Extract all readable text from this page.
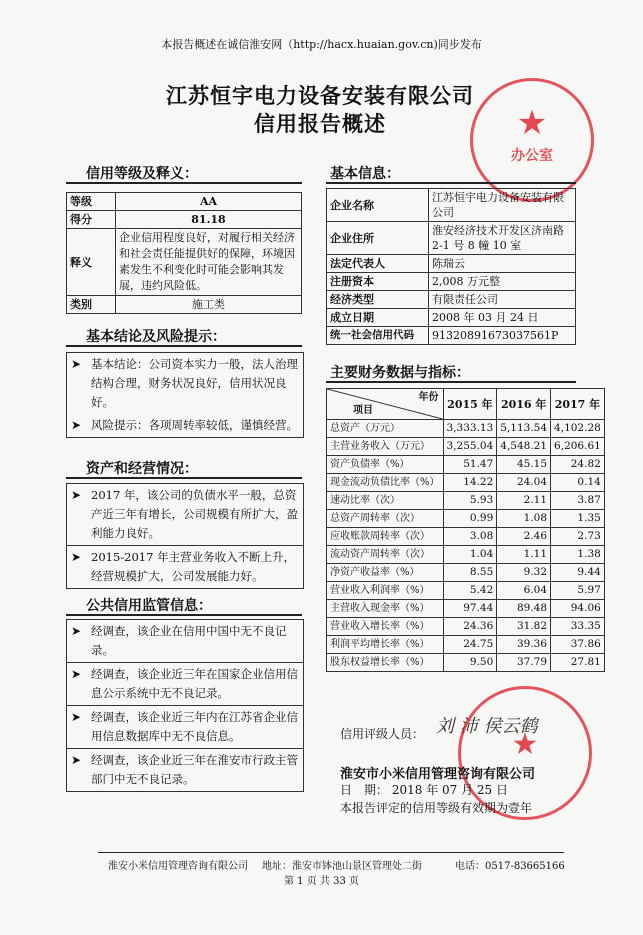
本报告概述在诚信淮安网（http://hacx.huaian.gov.cn)同步发布
江苏恒宇电力设备安装有限公司
信用报告概述	★
办公室
信用等级及释义：
等级	AA
得分	81.18
释义	企业信用程度良好，对履行相关经济和社会责任能提供好的保障，环境因素发生不利变化时可能会影响其发展，违约风险低。
类别	施工类
基本结论及风险提示：
➤ 基本结论：公司资本实力一般，法人治理结构合理，财务状况良好，信用状况良好。
➤ 风险提示：各项周转率较低，谨慎经营。
资产和经营情况：
➤ 2017 年，该公司的负债水平一般，总资产近三年有增长，公司规模有所扩大，盈利能力良好。
➤ 2015-2017 年主营业务收入不断上升，经营规模扩大，公司发展能力好。
公共信用监管信息：
➤ 经调查，该企业在信用中国中无不良记录。
➤ 经调查，该企业近三年在国家企业信用信息公示系统中无不良记录。
➤ 经调查，该企业近三年内在江苏省企业信用信息数据库中无不良信息。
➤ 经调查，该企业近三年在淮安市行政主管部门中无不良记录。
基本信息：
企业名称	江苏恒宇电力设备安装有限公司
企业住所	淮安经济技术开发区济南路 2-1 号 8 幢 10 室
法定代表人	陈瑞云
注册资本	2,008 万元整
经济类型	有限责任公司
成立日期	2008 年 03 月 24 日
统一社会信用代码	91320891673037561P
主要财务数据与指标：
年份
项目	2015 年	2016 年	2017 年
总资产（万元）	3,333.13	5,113.54	4,102.28
主营业务收入（万元）	3,255.04	4,548.21	6,206.61
资产负债率（%）	51.47	45.15	24.82
现金流动负债比率（%）	14.22	24.04	0.14
速动比率（次）	5.93	2.11	3.87
总资产周转率（次）	0.99	1.08	1.35
应收账款周转率（次）	3.08	2.46	2.73
流动资产周转率（次）	1.04	1.11	1.38
净资产收益率（%）	8.55	9.32	9.44
营业收入利润率（%）	5.42	6.04	5.97
主营收入现金率（%）	97.44	89.48	94.06
营业收入增长率（%）	24.36	31.82	33.35
利润平均增长率（%）	24.75	39.36	37.86
股东权益增长率（%）	9.50	37.79	27.81
信用评级人员： 刘 沛 侯云鹤
★
淮安市小米信用管理咨询有限公司
日　期： 2018 年 07 月 25 日
本报告评定的信用等级有效期为壹年
淮安小米信用管理咨询有限公司 地址：淮安市钵池山景区管理处二街	电话：0517-83665166
第 1 页 共 33 页
